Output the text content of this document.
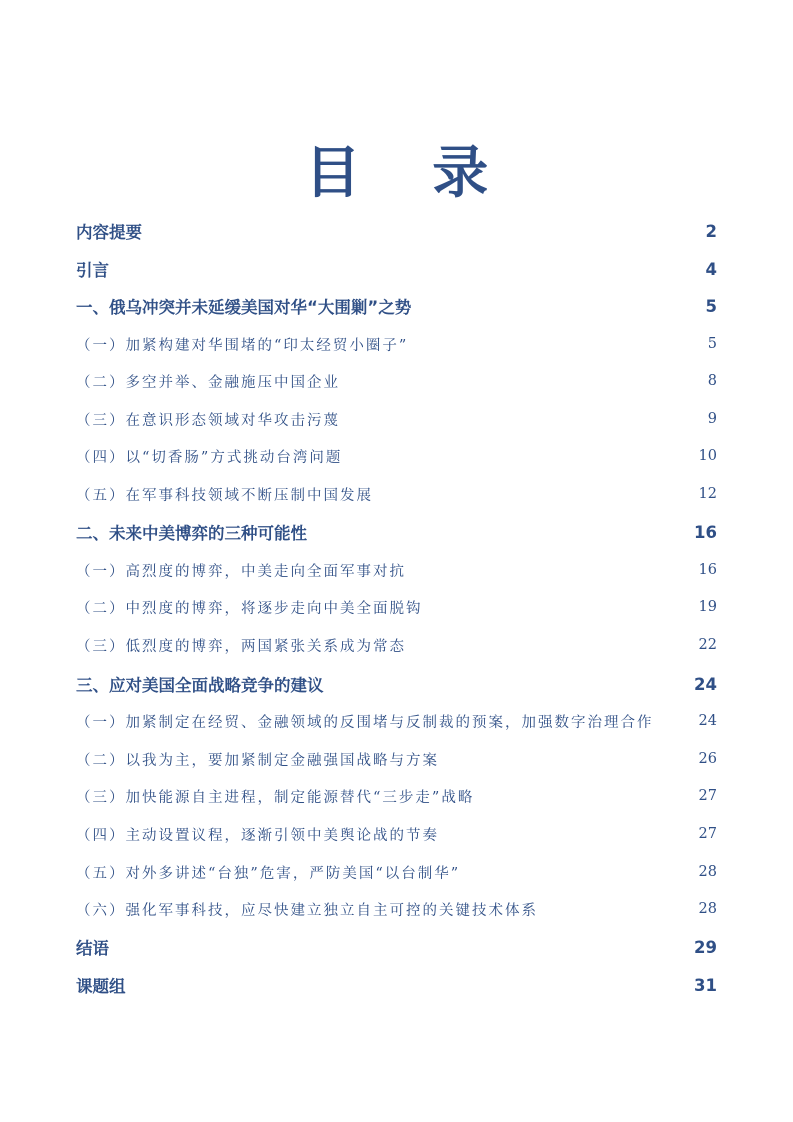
目 录
内容提要	2
引言	4
一、俄乌冲突并未延缓美国对华“大围剿”之势	5
（一）加紧构建对华围堵的“印太经贸小圈子”	5
（二）多空并举、金融施压中国企业	8
（三）在意识形态领域对华攻击污蔑	9
（四）以“切香肠”方式挑动台湾问题	10
（五）在军事科技领域不断压制中国发展	12
二、未来中美博弈的三种可能性	16
（一）高烈度的博弈，中美走向全面军事对抗	16
（二）中烈度的博弈，将逐步走向中美全面脱钩	19
（三）低烈度的博弈，两国紧张关系成为常态	22
三、应对美国全面战略竞争的建议	24
（一）加紧制定在经贸、金融领域的反围堵与反制裁的预案，加强数字治理合作	24
（二）以我为主，要加紧制定金融强国战略与方案	26
（三）加快能源自主进程，制定能源替代“三步走”战略	27
（四）主动设置议程，逐渐引领中美舆论战的节奏	27
（五）对外多讲述“台独”危害，严防美国“以台制华”	28
（六）强化军事科技，应尽快建立独立自主可控的关键技术体系	28
结语	29
课题组	31
